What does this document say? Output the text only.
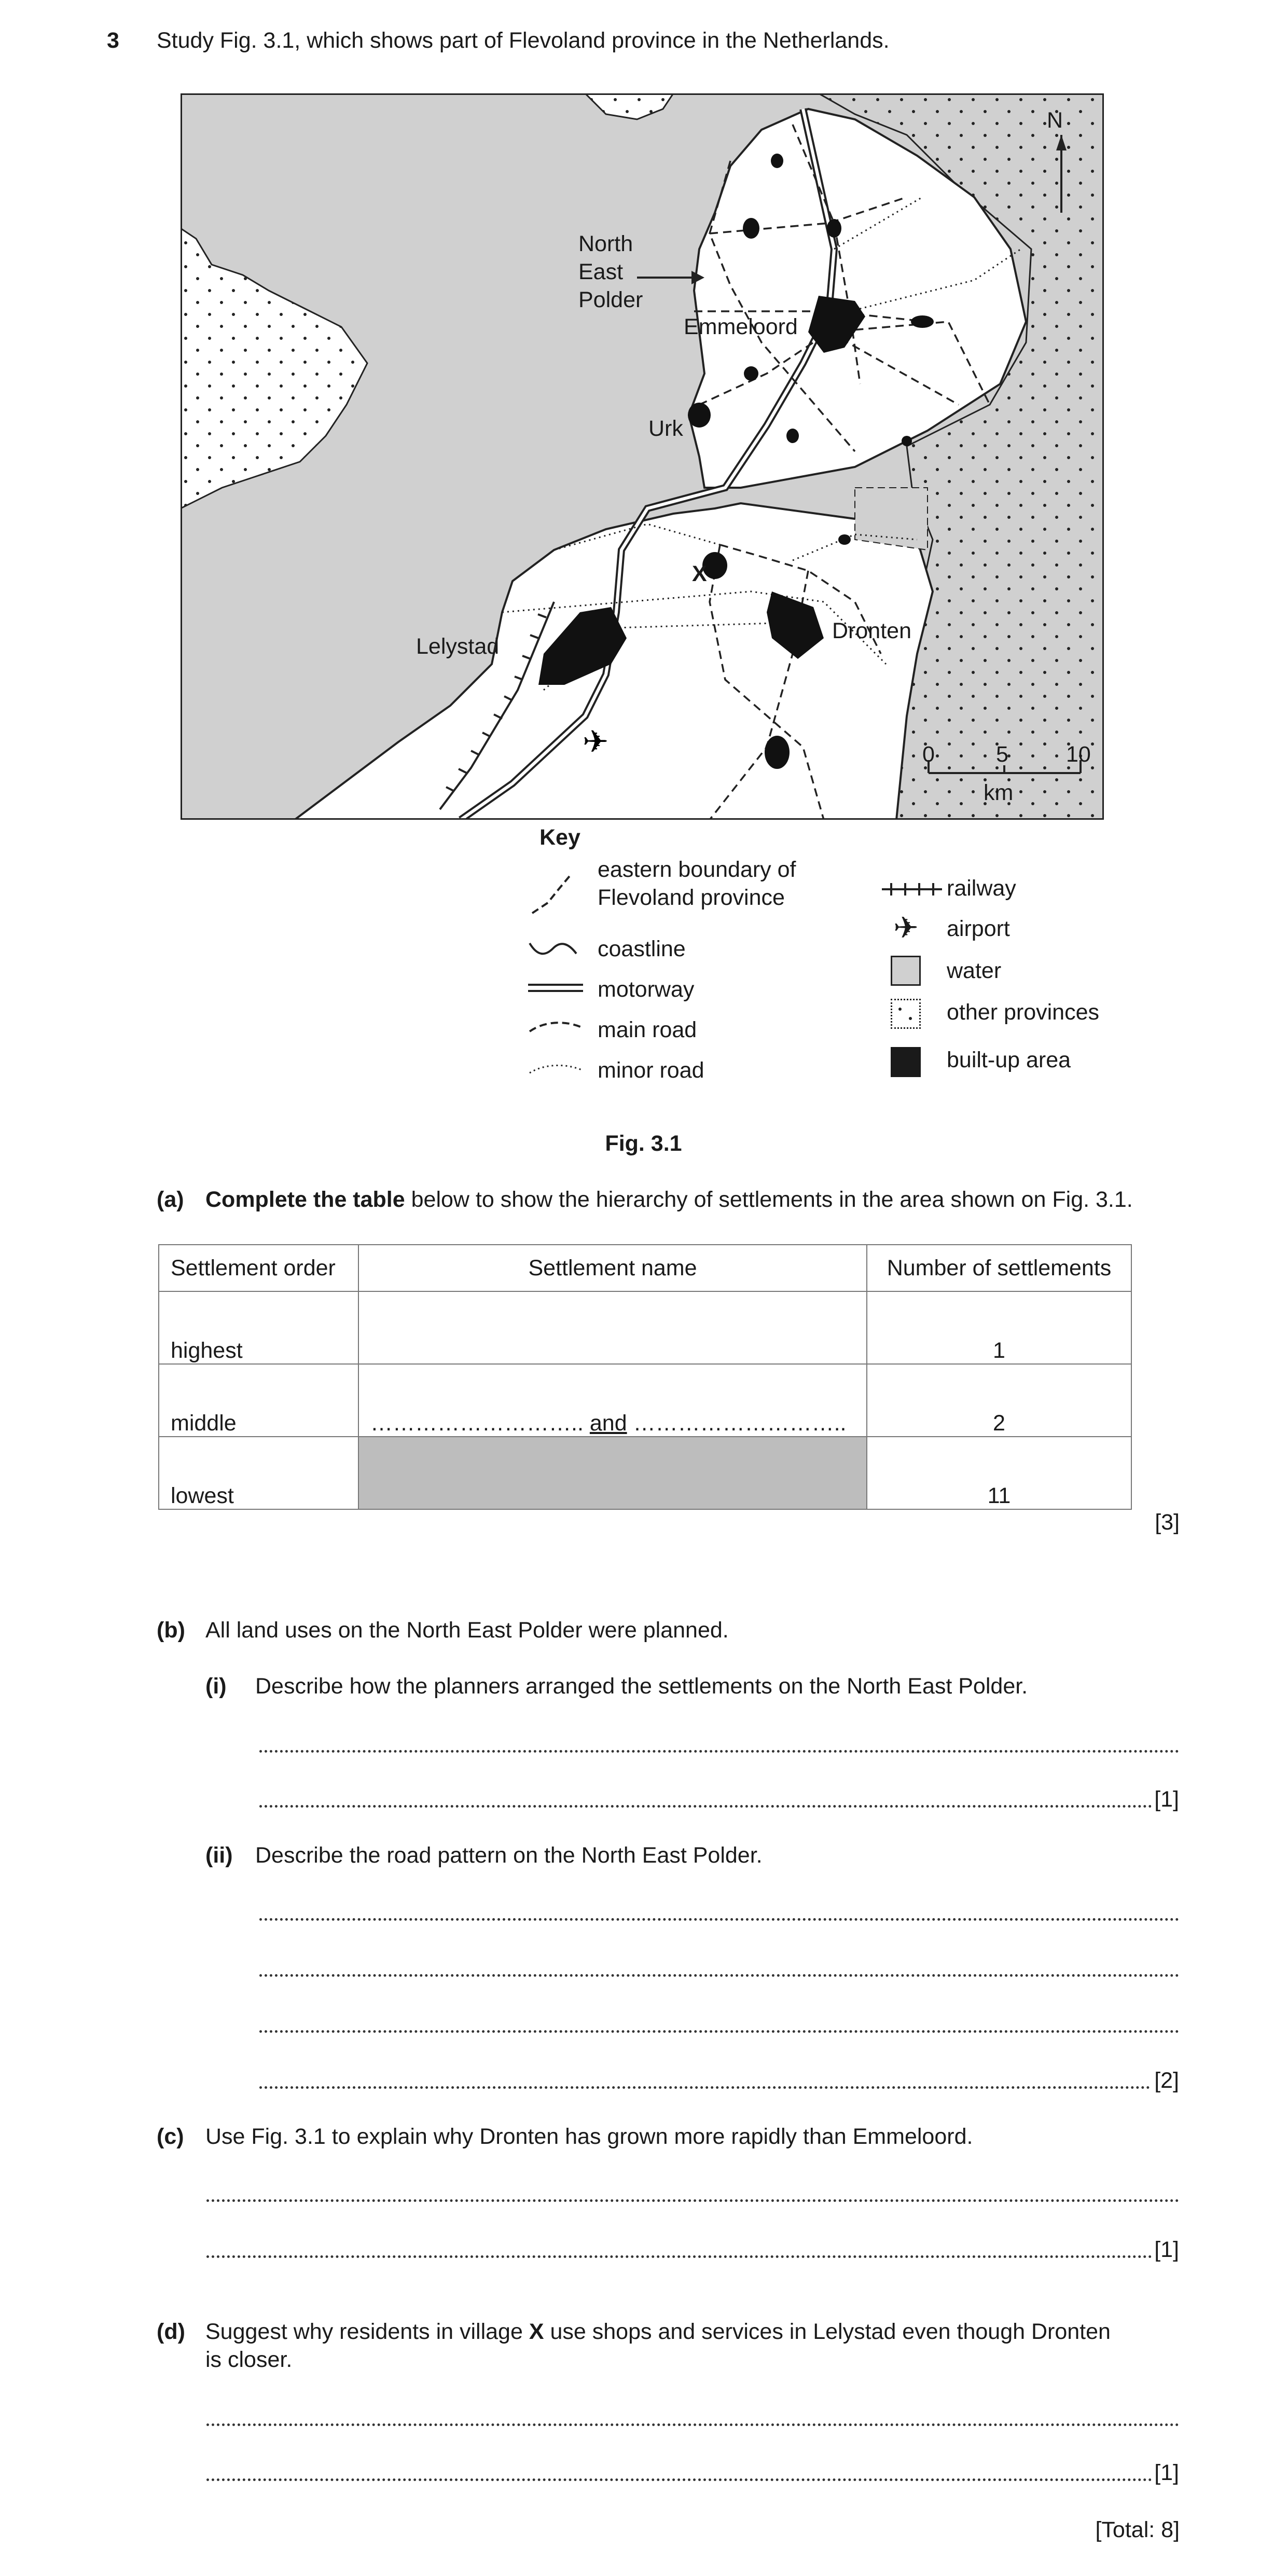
3 Study Fig. 3.1, which shows part of Flevoland province in the Netherlands.
✈
N
North
East
Polder
Emmeloord
Urk
X
Dronten
Lelystad
0	5	10
km
Key
eastern boundary of
Flevoland province
coastline
motorway
main road
minor road
railway
✈ airport
water
other provinces
built-up area
Fig. 3.1
(a) Complete the table below to show the hierarchy of settlements in the area shown on Fig. 3.1.
Settlement order	Settlement name	Number of settlements
highest		1
middle	……………………….. and ………………………..	2
lowest		11
[3]
(b) All land uses on the North East Polder were planned.
(i) Describe how the planners arranged the settlements on the North East Polder.
[1]
(ii) Describe the road pattern on the North East Polder.
[2]
(c) Use Fig. 3.1 to explain why Dronten has grown more rapidly than Emmeloord.
[1]
(d) Suggest why residents in village X use shops and services in Lelystad even though Dronten
is closer.
[1]
[Total: 8]
